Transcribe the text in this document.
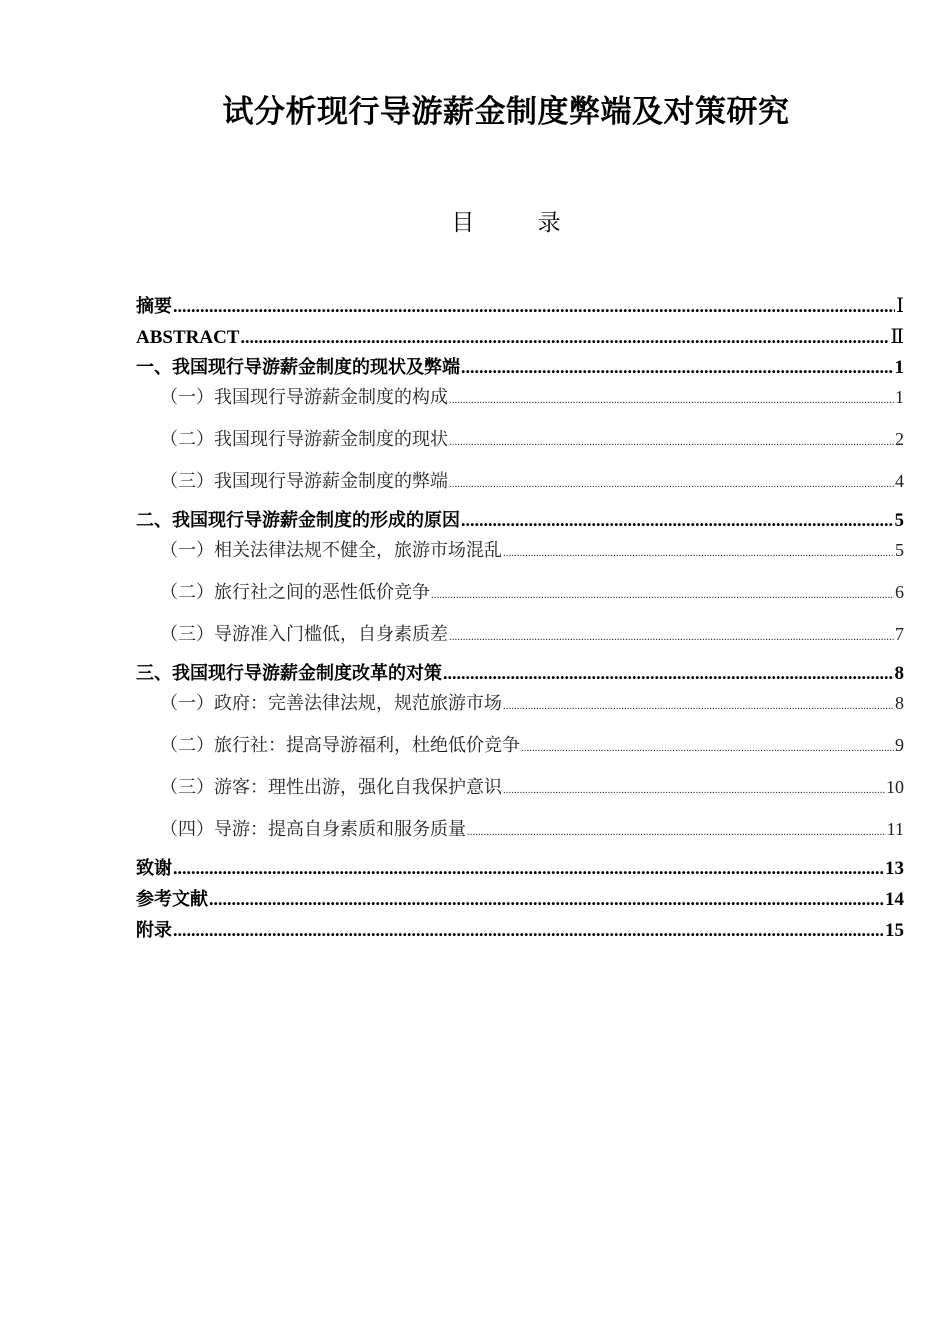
试分析现行导游薪金制度弊端及对策研究
目 录
摘要 .....	Ⅰ
ABSTRACT .....	Ⅱ
一、我国现行导游薪金制度的现状及弊端 .....	1
（一）我国现行导游薪金制度的构成 .....	1
（二）我国现行导游薪金制度的现状 .....	2
（三）我国现行导游薪金制度的弊端 .....	4
二、我国现行导游薪金制度的形成的原因 .....	5
（一）相关法律法规不健全，旅游市场混乱 .....	5
（二）旅行社之间的恶性低价竞争 .....	6
（三）导游准入门槛低，自身素质差 .....	7
三、我国现行导游薪金制度改革的对策 .....	8
（一）政府：完善法律法规，规范旅游市场 .....	8
（二）旅行社：提高导游福利，杜绝低价竞争 .....	9
（三）游客：理性出游，强化自我保护意识 .....	10
（四）导游：提高自身素质和服务质量 .....	11
致谢 .....	13
参考文献 .....	14
附录 .....	15
